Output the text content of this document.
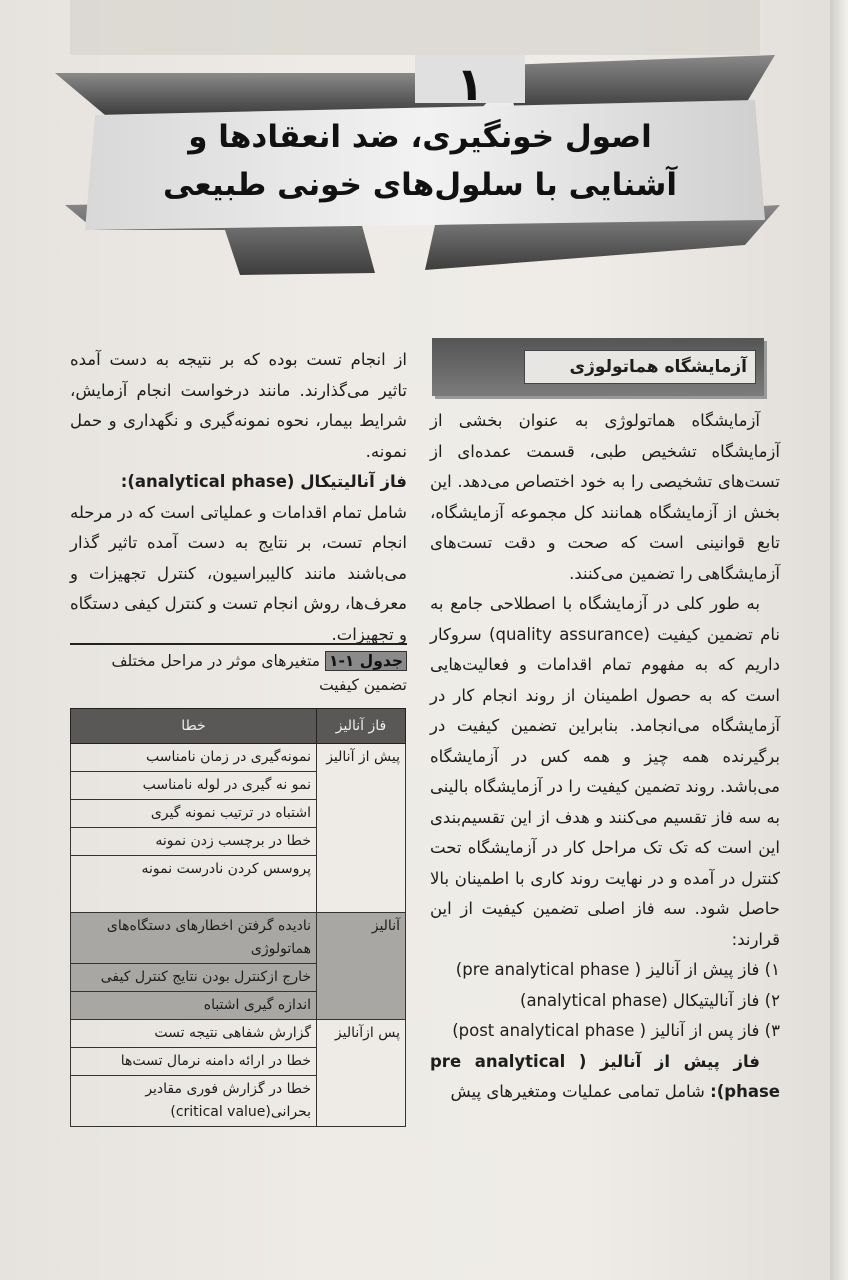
۱
اصول خونگیری، ضد انعقادها و
آشنایی با سلول‌های خونی طبیعی
آزمایشگاه هماتولوژی

آزمایشگاه هماتولوژی به عنوان بخشی از آزمایشگاه تشخیص طبی، قسمت عمده‌ای از تست‌های تشخیصی را به خود اختصاص می‌دهد. این بخش از آزمایشگاه همانند کل مجموعه آزمایشگاه، تابع قوانینی است که صحت و دقت تست‌های آزمایشگاهی را تضمین می‌کنند.

به طور کلی در آزمایشگاه با اصطلاحی جامع به نام تضمین کیفیت (quality assurance) سروکار داریم که به مفهوم تمام اقدامات و فعالیت‌هایی است که به حصول اطمینان از روند انجام کار در آزمایشگاه می‌انجامد. بنابراین تضمین کیفیت در برگیرنده همه چیز و همه کس در آزمایشگاه می‌باشد. روند تضمین کیفیت را در آزمایشگاه بالینی به سه فاز تقسیم می‌کنند و هدف از این تقسیم‌بندی این است که تک تک مراحل کار در آزمایشگاه تحت کنترل در آمده و در نهایت روند کاری با اطمینان بالا حاصل شود. سه فاز اصلی تضمین کیفیت از این قرارند:

۱) فاز پیش از آنالیز ( pre analytical phase)

۲) فاز آنالیتیکال (analytical phase)

۳) فاز پس از آنالیز ( post analytical phase)

فاز پیش از آنالیز ( pre analytical phase): شامل تمامی عملیات ومتغیرهای پیش

از انجام تست بوده که بر نتیجه به دست آمده تاثیر می‌گذارند. مانند درخواست انجام آزمایش، شرایط بیمار، نحوه نمونه‌گیری و نگهداری و حمل نمونه.

فاز آنالیتیکال (analytical phase):
شامل تمام اقدامات و عملیاتی است که در مرحله انجام تست، بر نتایج به دست آمده تاثیر گذار می‌باشند مانند کالیبراسیون، کنترل تجهیزات و معرف‌ها، روش انجام تست و کنترل کیفی دستگاه و تجهیزات.

جدول ۱-۱ متغیرهای موثر در مراحل مختلف تضمین کیفیت
فاز آنالیز	خطا
پیش از آنالیز	نمونه‌گیری در زمان نامناسب
	نمو نه گیری در لوله نامناسب
	اشتباه در ترتیب نمونه گیری
	خطا در برچسب زدن نمونه
	پروسس کردن نادرست نمونه
آنالیز	نادیده گرفتن اخطارهای دستگاه‌های هماتولوژی
	خارج ازکنترل بودن نتایج کنترل کیفی
	اندازه گیری اشتباه
پس ازآنالیز	گزارش شفاهی نتیجه تست
	خطا در ارائه دامنه نرمال تست‌ها
	خطا در گزارش فوری مقادیر بحرانی(critical value)
